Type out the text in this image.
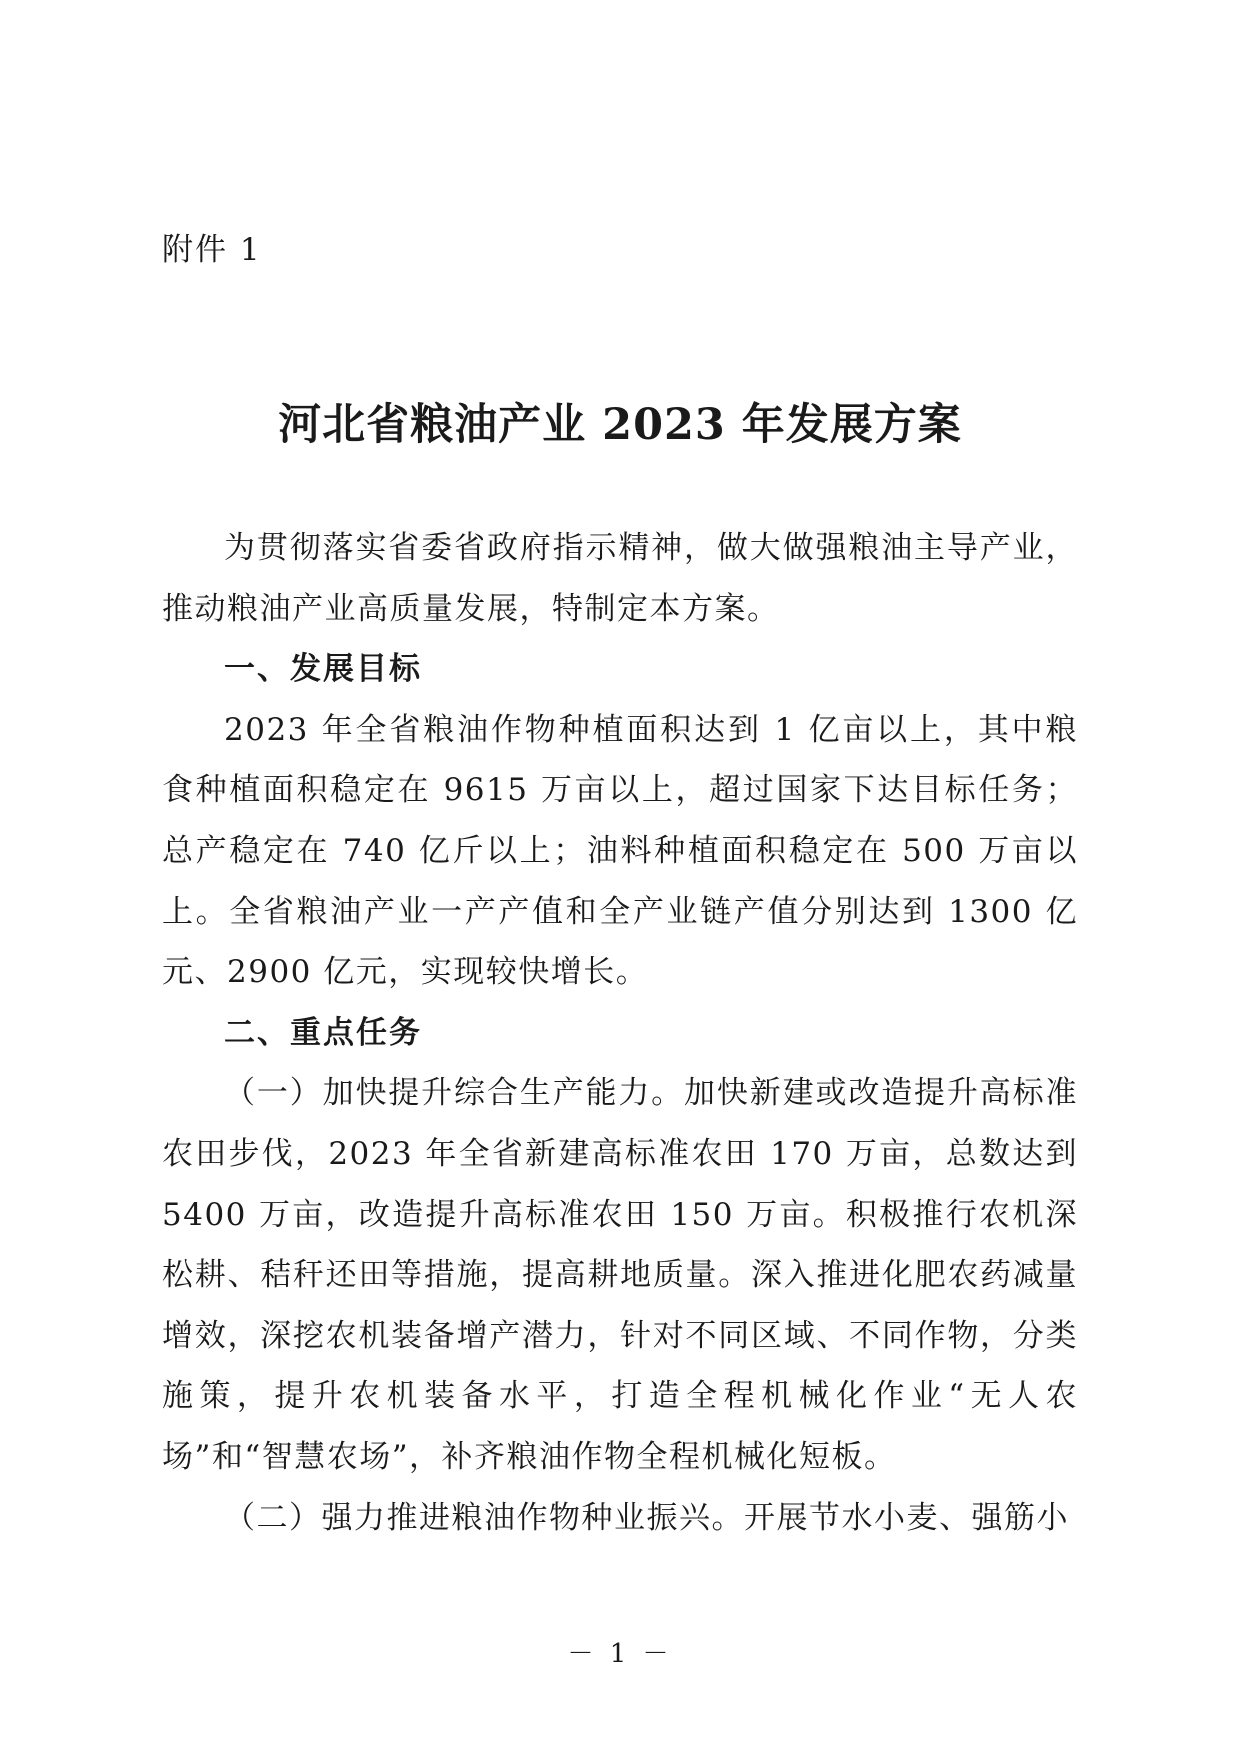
附件 1
河北省粮油产业 2023 年发展方案

为贯彻落实省委省政府指示精神，做大做强粮油主导产业，推动粮油产业高质量发展，特制定本方案。

一、发展目标

2023 年全省粮油作物种植面积达到 1 亿亩以上，其中粮食种植面积稳定在 9615 万亩以上，超过国家下达目标任务；总产稳定在 740 亿斤以上；油料种植面积稳定在 500 万亩以上。全省粮油产业一产产值和全产业链产值分别达到 1300 亿元、2900 亿元，实现较快增长。

二、重点任务

（一）加快提升综合生产能力。加快新建或改造提升高标准农田步伐，2023 年全省新建高标准农田 170 万亩，总数达到 5400 万亩，改造提升高标准农田 150 万亩。积极推行农机深松耕、秸秆还田等措施，提高耕地质量。深入推进化肥农药减量增效，深挖农机装备增产潜力，针对不同区域、不同作物，分类施策，提升农机装备水平，打造全程机械化作业“无人农场”和“智慧农场”，补齐粮油作物全程机械化短板。

（二）强力推进粮油作物种业振兴。开展节水小麦、强筋小

－ 1 －
